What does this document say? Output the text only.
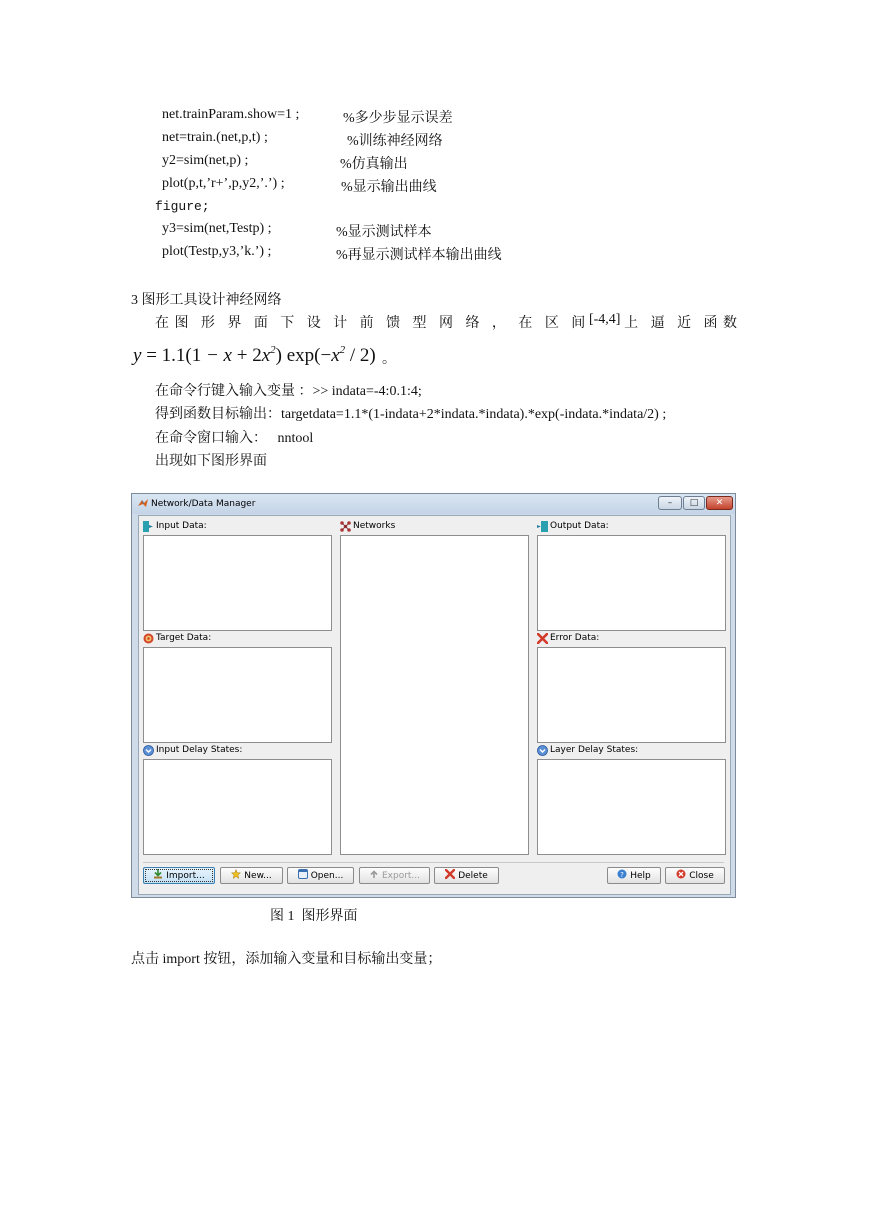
net.trainParam.show=1 ;	%多少步显示误差
net=train.(net,p,t) ;	%训练神经网络
y2=sim(net,p) ;	%仿真输出
plot(p,t,’r+’,p,y2,’.’) ;	%显示输出曲线
figure;
y3=sim(net,Testp) ;	%显示测试样本
plot(Testp,y3,’k.’) ;	%再显示测试样本输出曲线
3 图形工具设计神经网络
在 图 形 界 面 下 设 计 前 馈 型 网 络 ， 在 区 间 [-4,4] 上 逼 近 函 数
$y = 1.1(1 - x + 2x^2)$ $\exp(-x^2 / 2)$ 。
在命令行键入输入变量 ：>> indata=-4:0.1:4;
得到函数目标输出：targetdata=1.1*(1-indata+2*indata.*indata).*exp(-indata.*indata/2) ;
在命令窗口输入：   nntool
出现如下图形界面
Network/Data Manager	–	□	✕
Input Data:	Networks	Output Data:
Target Data:	Error Data:
Input Delay States:	Layer Delay States:
Import...	New...	Open...	Export...	Delete	? Help	Close
图 1  图形界面
点击 import 按钮，添加输入变量和目标输出变量；
